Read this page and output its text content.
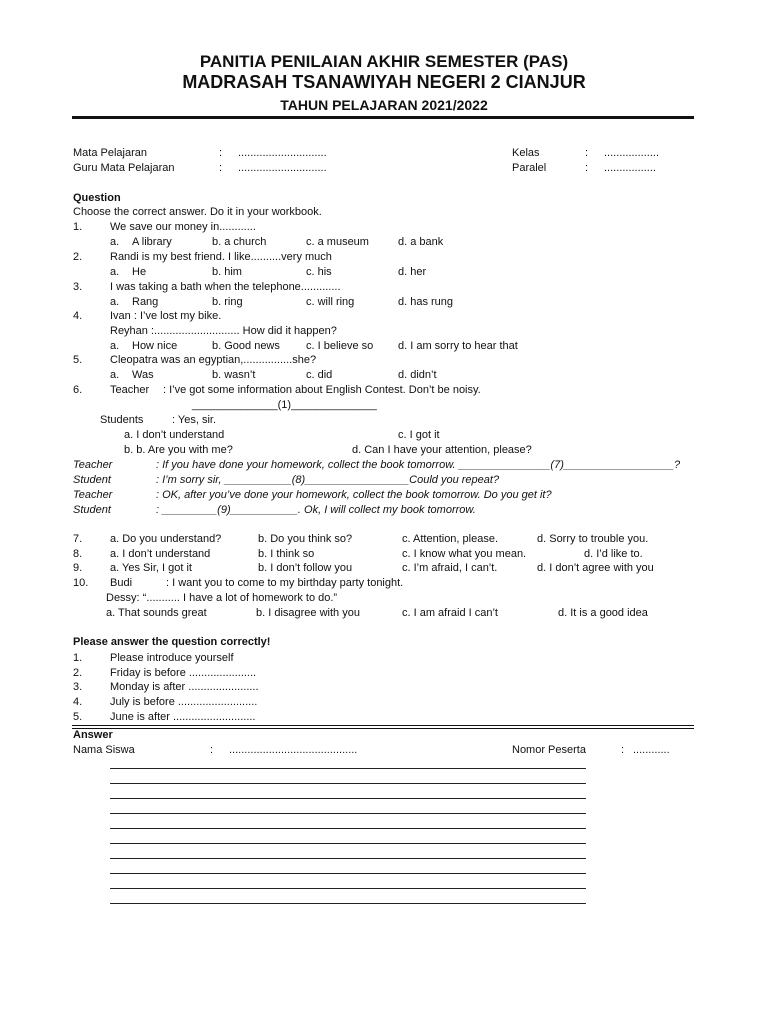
PANITIA PENILAIAN AKHIR SEMESTER (PAS)
MADRASAH TSANAWIYAH NEGERI 2 CIANJUR
TAHUN PELAJARAN 2021/2022
Mata Pelajaran	: .............................
Guru Mata Pelajaran	: .............................
Kelas	: ..................
Paralel	: .................
Question
Choose the correct answer. Do it in your workbook.
1.	We save our money in............
a. A library	b. a church	c. a museum	d. a bank
2.	Randi is my best friend. I like..........very much
a. He	b. him	c. his	d. her
3.	I was taking a bath when the telephone.............
a. Rang	b. ring	c. will ring	d. has rung
4.	Ivan : I’ve lost my bike.
Reyhan :............................ How did it happen?
a. How nice	b. Good news c. I believe so d. I am sorry to hear that
5.	Cleopatra was an egyptian,................she?
a. Was	b. wasn’t	c. did	d. didn’t
6.	Teacher : I’ve got some information about English Contest. Don’t be noisy.
______________(1)______________
Students	: Yes, sir.
a. I don’t understand	c. I got it
b. b. Are you with me?	d. Can I have your attention, please?
Teacher	: If you have done your homework, collect the book tomorrow. _______________(7)__________________?
Student	: I’m sorry sir, ___________(8)_________________Could you repeat?
Teacher	: OK, after you’ve done your homework, collect the book tomorrow. Do you get it?
Student	: _________(9)___________. Ok, I will collect my book tomorrow.
7.	a. Do you understand?	b. Do you think so?	c. Attention, please.	d. Sorry to trouble you.
8.	a. I don’t understand	b. I think so	c. I know what you mean.	d. I’d like to.
9.	a. Yes Sir, I got it	b. I don’t follow you	c. I’m afraid, I can’t.	d. I don’t agree with you
10. Budi	: I want you to come to my birthday party tonight.
Dessy: “........... I have a lot of homework to do.”
a. That sounds great	b. I disagree with you	c. I am afraid I can’t	d. It is a good idea
Please answer the question correctly!
1.	Please introduce yourself
2.	Friday is before ......................
3.	Monday is after .......................
4.	July is before ..........................
5.	June is after ...........................
Answer
Nama Siswa	: ..........................................	Nomor Peserta	: ............
